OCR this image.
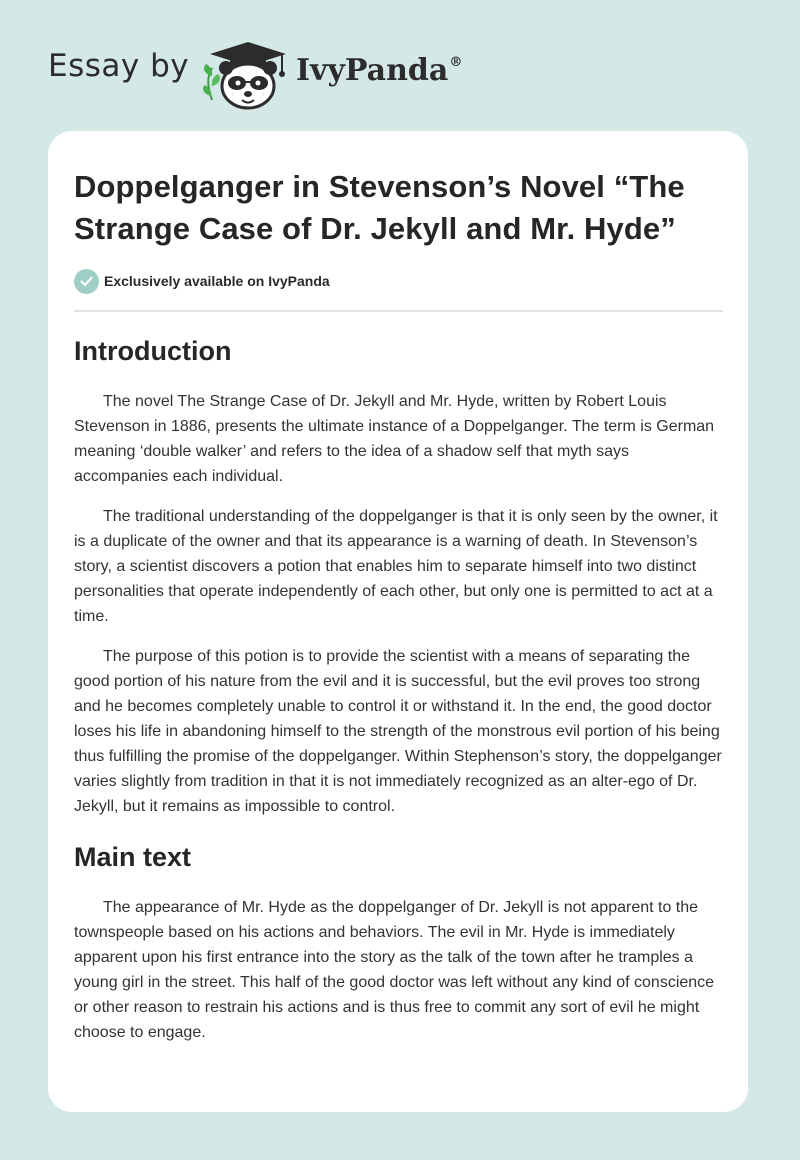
Essay by	IvyPanda®
Doppelganger in Stevenson’s Novel “The Strange Case of Dr. Jekyll and Mr. Hyde”
Exclusively available on IvyPanda
Introduction

The novel The Strange Case of Dr. Jekyll and Mr. Hyde, written by Robert Louis Stevenson in 1886, presents the ultimate instance of a Doppelganger. The term is German meaning ‘double walker’ and refers to the idea of a shadow self that myth says accompanies each individual.

The traditional understanding of the doppelganger is that it is only seen by the owner, it is a duplicate of the owner and that its appearance is a warning of death. In Stevenson’s story, a scientist discovers a potion that enables him to separate himself into two distinct personalities that operate independently of each other, but only one is permitted to act at a time.

The purpose of this potion is to provide the scientist with a means of separating the good portion of his nature from the evil and it is successful, but the evil proves too strong and he becomes completely unable to control it or withstand it. In the end, the good doctor loses his life in abandoning himself to the strength of the monstrous evil portion of his being thus fulfilling the promise of the doppelganger. Within Stephenson’s story, the doppelganger varies slightly from tradition in that it is not immediately recognized as an alter-ego of Dr. Jekyll, but it remains as impossible to control.

Main text

The appearance of Mr. Hyde as the doppelganger of Dr. Jekyll is not apparent to the townspeople based on his actions and behaviors. The evil in Mr. Hyde is immediately apparent upon his first entrance into the story as the talk of the town after he tramples a young girl in the street. This half of the good doctor was left without any kind of conscience or other reason to restrain his actions and is thus free to commit any sort of evil he might choose to engage.
